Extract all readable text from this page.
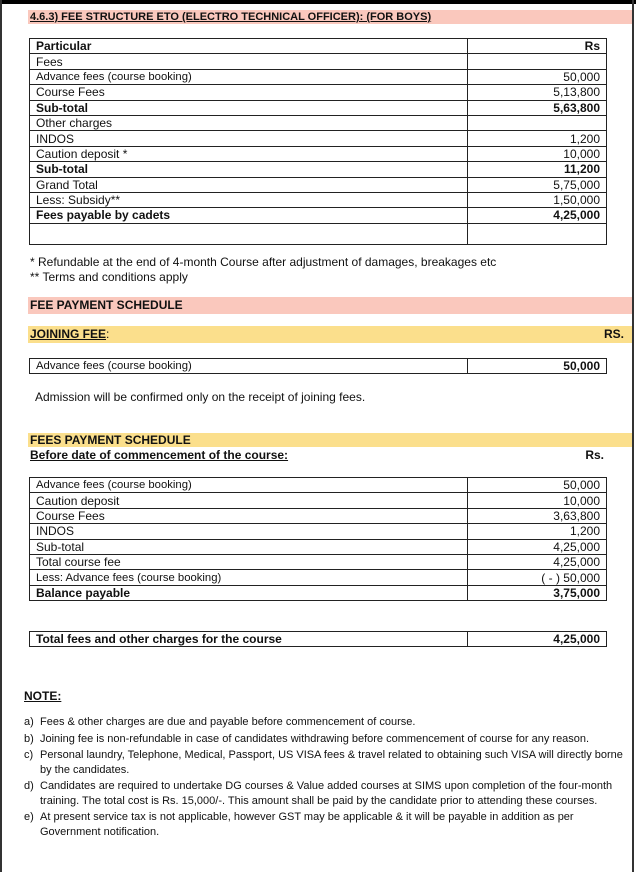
4.6.3) FEE STRUCTURE ETO (ELECTRO TECHNICAL OFFICER): (FOR BOYS)
Particular	Rs
Fees	
Advance fees (course booking)	50,000
Course Fees	5,13,800
Sub-total	5,63,800
Other charges	
INDOS	1,200
Caution deposit *	10,000
Sub-total	11,200
Grand Total	5,75,000
Less: Subsidy**	1,50,000
Fees payable by cadets	4,25,000

* Refundable at the end of 4-month Course after adjustment of damages, breakages etc
** Terms and conditions apply
FEE PAYMENT SCHEDULE
JOINING FEE:	RS.
Advance fees (course booking)	50,000
Admission will be confirmed only on the receipt of joining fees.
FEES PAYMENT SCHEDULE
Before date of commencement of the course:	Rs.
Advance fees (course booking)	50,000
Caution deposit	10,000
Course Fees	3,63,800
INDOS	1,200
Sub-total	4,25,000
Total course fee	4,25,000
Less: Advance fees (course booking)	( - ) 50,000
Balance payable	3,75,000
Total fees and other charges for the course	4,25,000
NOTE:
a) Fees & other charges are due and payable before commencement of course.
b) Joining fee is non-refundable in case of candidates withdrawing before commencement of course for any reason.
c) Personal laundry, Telephone, Medical, Passport, US VISA fees & travel related to obtaining such VISA will directly borne by the candidates.
d) Candidates are required to undertake DG courses & Value added courses at SIMS upon completion of the four-month training. The total cost is Rs. 15,000/-. This amount shall be paid by the candidate prior to attending these courses.
e) At present service tax is not applicable, however GST may be applicable & it will be payable in addition as per Government notification.
